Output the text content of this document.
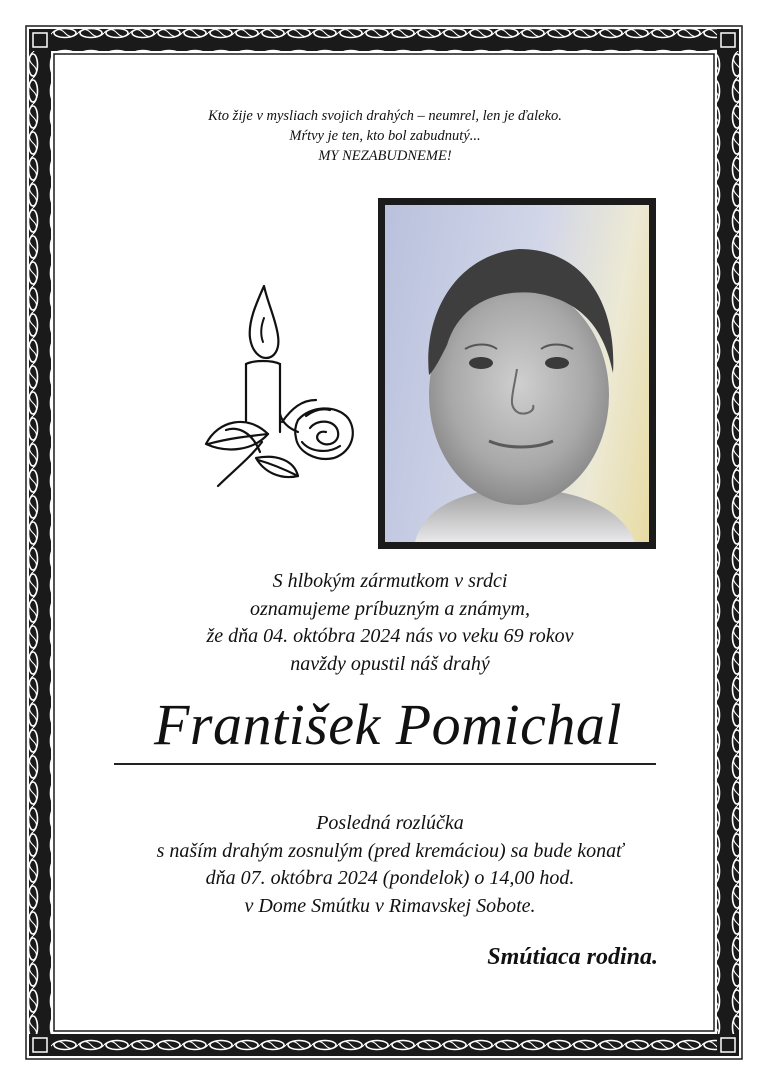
Kto žije v mysliach svojich drahých – neumrel, len je ďaleko.
Mŕtvy je ten, kto bol zabudnutý...
MY NEZABUDNEME!
S hlbokým zármutkom v srdci
oznamujeme príbuzným a známym,
že dňa 04. októbra 2024 nás vo veku 69 rokov
navždy opustil náš drahý
František Pomichal
Posledná rozlúčka
s naším drahým zosnulým (pred kremáciou) sa bude konať
dňa 07. októbra 2024 (pondelok) o 14,00 hod.
v Dome Smútku v Rimavskej Sobote.
Smútiaca rodina.
